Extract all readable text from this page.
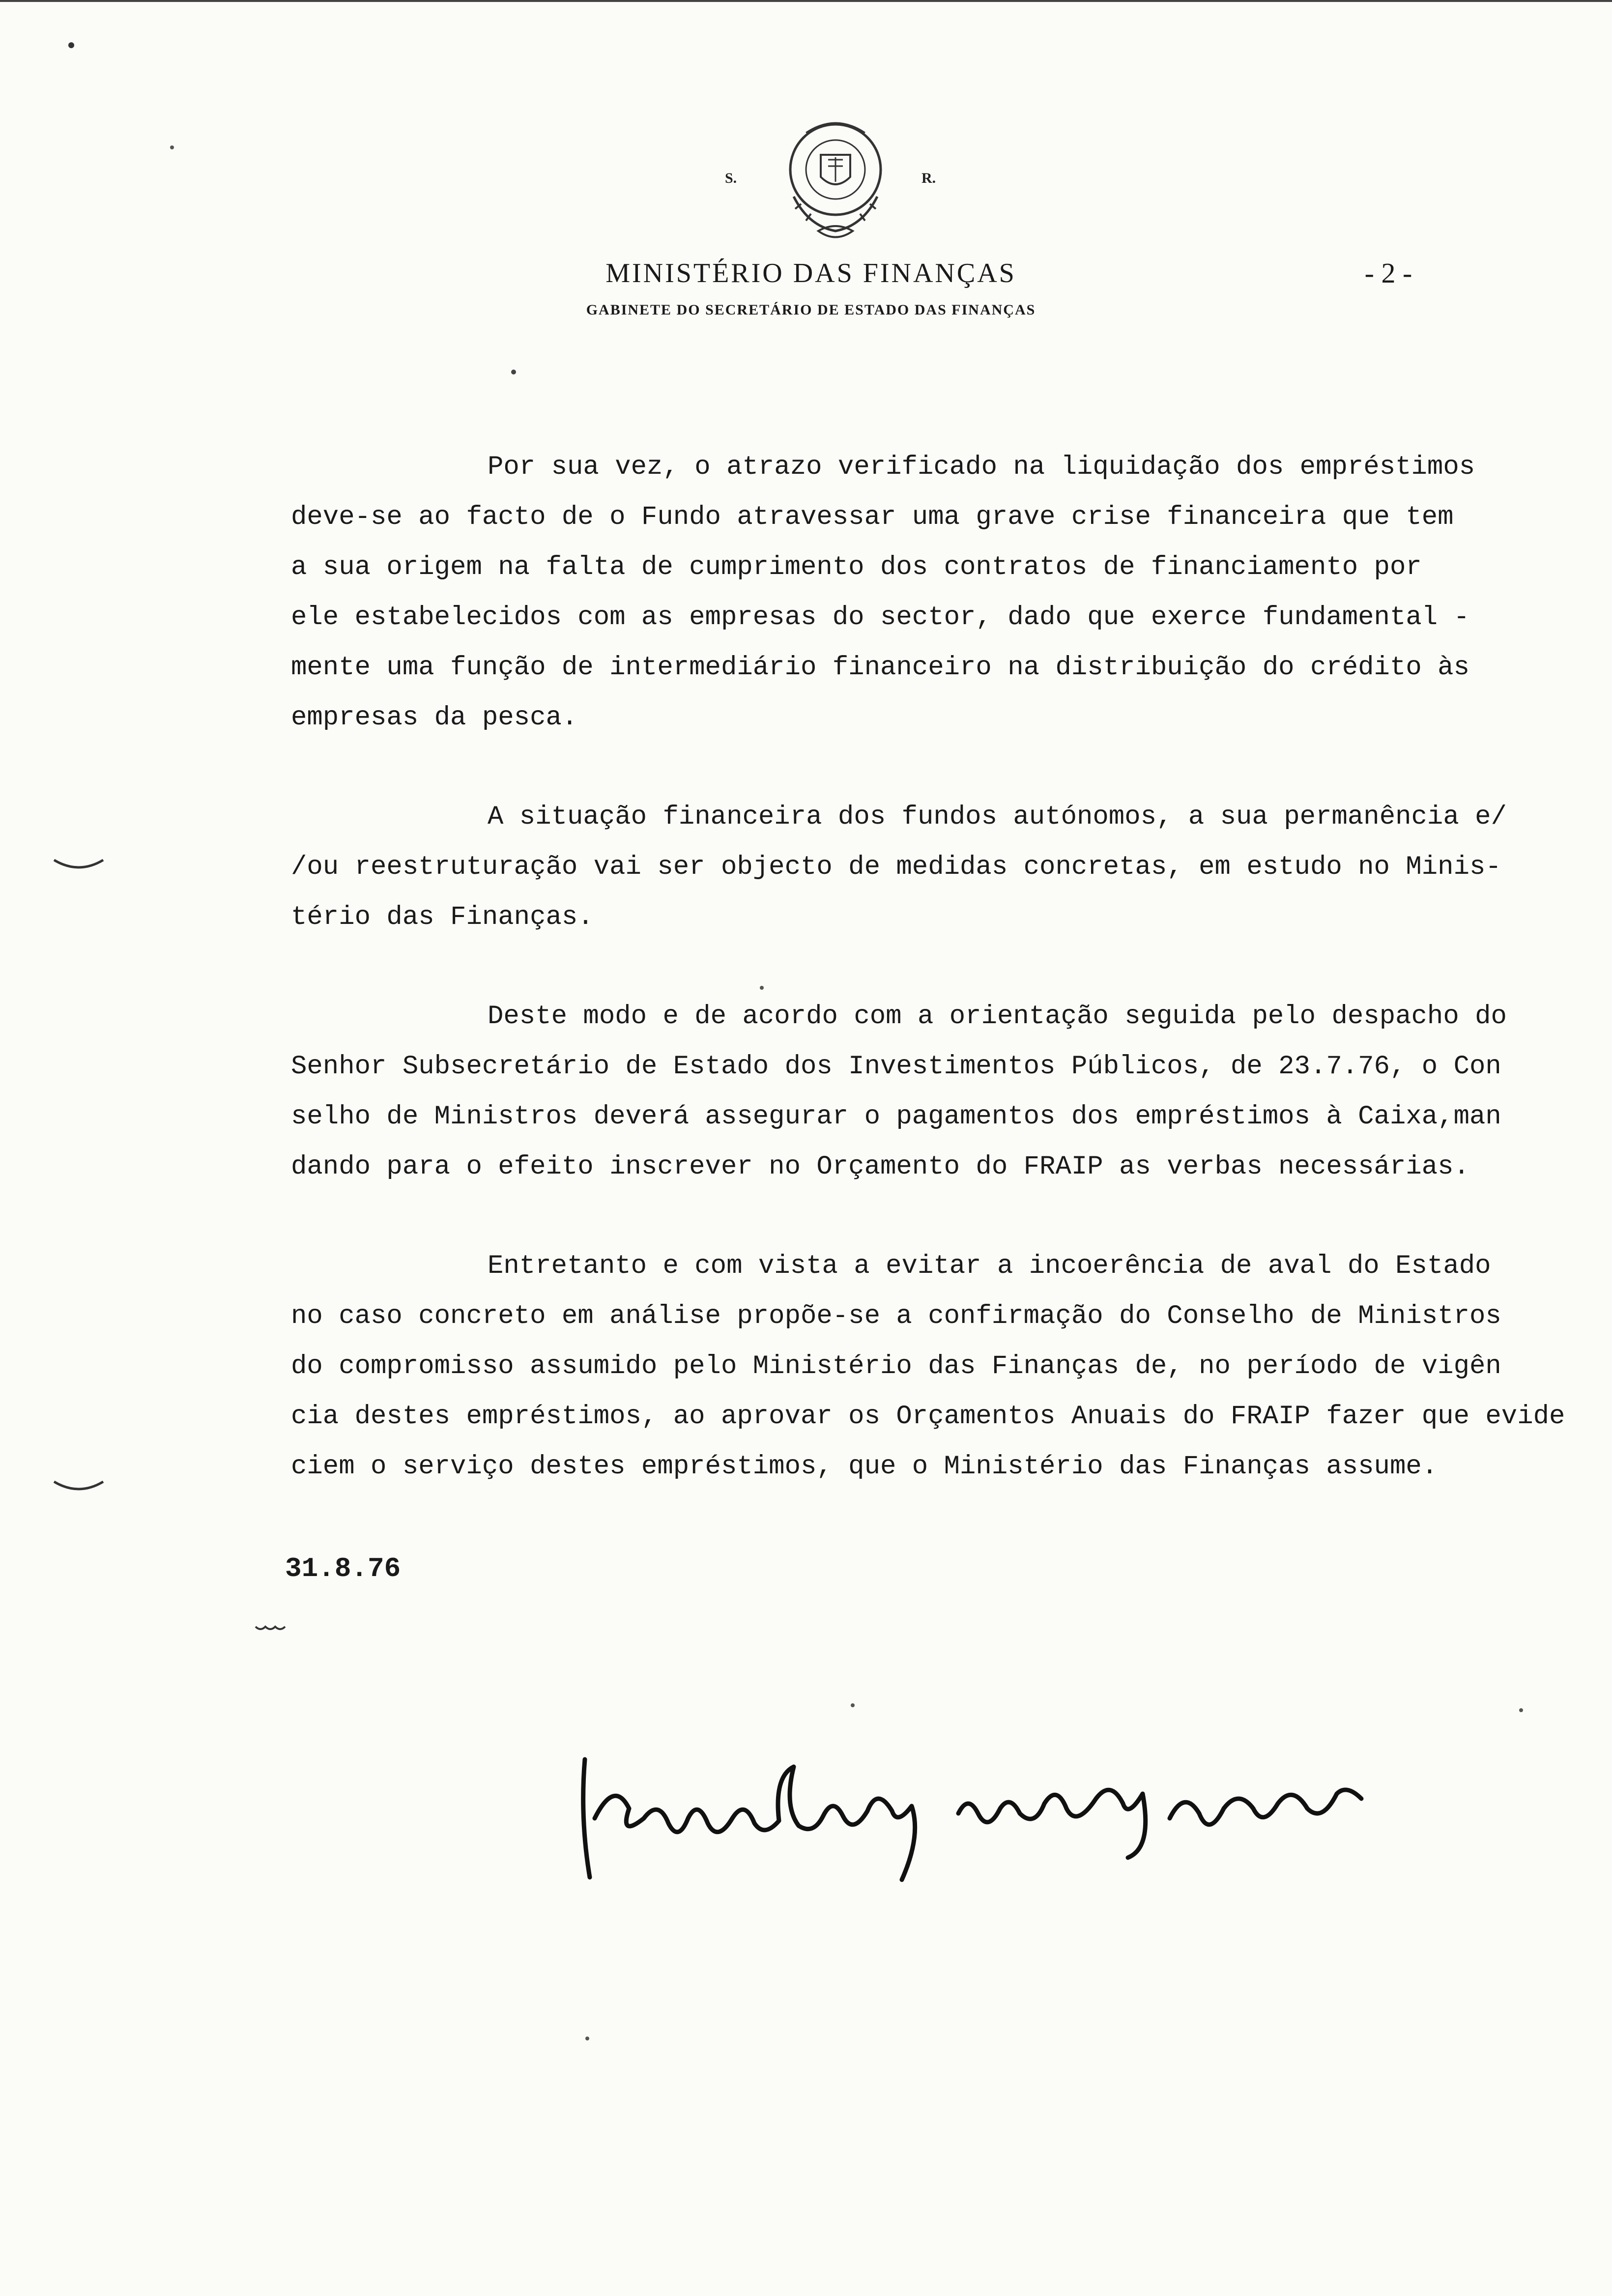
S.	R.
MINISTÉRIO DAS FINANÇAS
GABINETE DO SECRETÁRIO DE ESTADO DAS FINANÇAS
- 2 -
Por sua vez, o atrazo verificado na liquidação dos empréstimos
deve-se ao facto de o Fundo atravessar uma grave crise financeira que tem
a sua origem na falta de cumprimento dos contratos de financiamento por
ele estabelecidos com as empresas do sector, dado que exerce fundamental -
mente uma função de intermediário financeiro na distribuição do crédito às
empresas da pesca.
A situação financeira dos fundos autónomos, a sua permanência e/
/ou reestruturação vai ser objecto de medidas concretas, em estudo no Minis-
tério das Finanças.
Deste modo e de acordo com a orientação seguida pelo despacho do
Senhor Subsecretário de Estado dos Investimentos Públicos, de 23.7.76, o Con
selho de Ministros deverá assegurar o pagamentos dos empréstimos à Caixa,man
dando para o efeito inscrever no Orçamento do FRAIP as verbas necessárias.
Entretanto e com vista a evitar a incoerência de aval do Estado
no caso concreto em análise propõe-se a confirmação do Conselho de Ministros
do compromisso assumido pelo Ministério das Finanças de, no período de vigên
cia destes empréstimos, ao aprovar os Orçamentos Anuais do FRAIP fazer que evide
ciem o serviço destes empréstimos, que o Ministério das Finanças assume.
31.8.76
